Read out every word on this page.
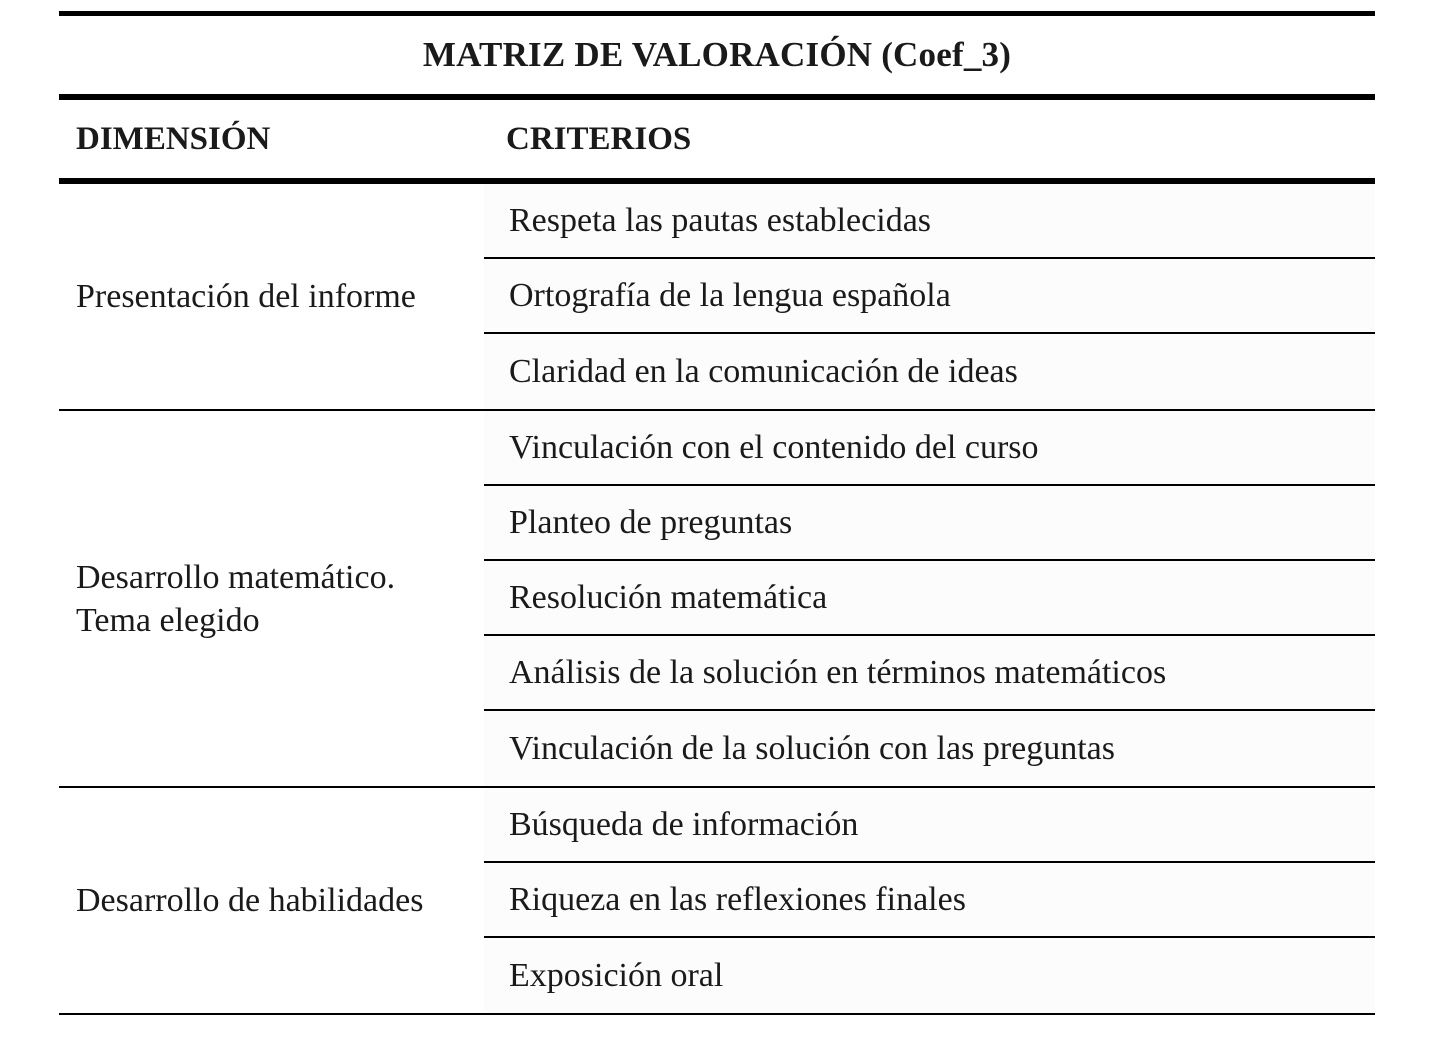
MATRIZ DE VALORACIÓN (Coef_3)
DIMENSIÓN	CRITERIOS
Presentación del informe
Respeta las pautas establecidas
Ortografía de la lengua española
Claridad en la comunicación de ideas
Desarrollo matemático.
Tema elegido
Vinculación con el contenido del curso
Planteo de preguntas
Resolución matemática
Análisis de la solución en términos matemáticos
Vinculación de la solución con las preguntas
Desarrollo de habilidades
Búsqueda de información
Riqueza en las reflexiones finales
Exposición oral
